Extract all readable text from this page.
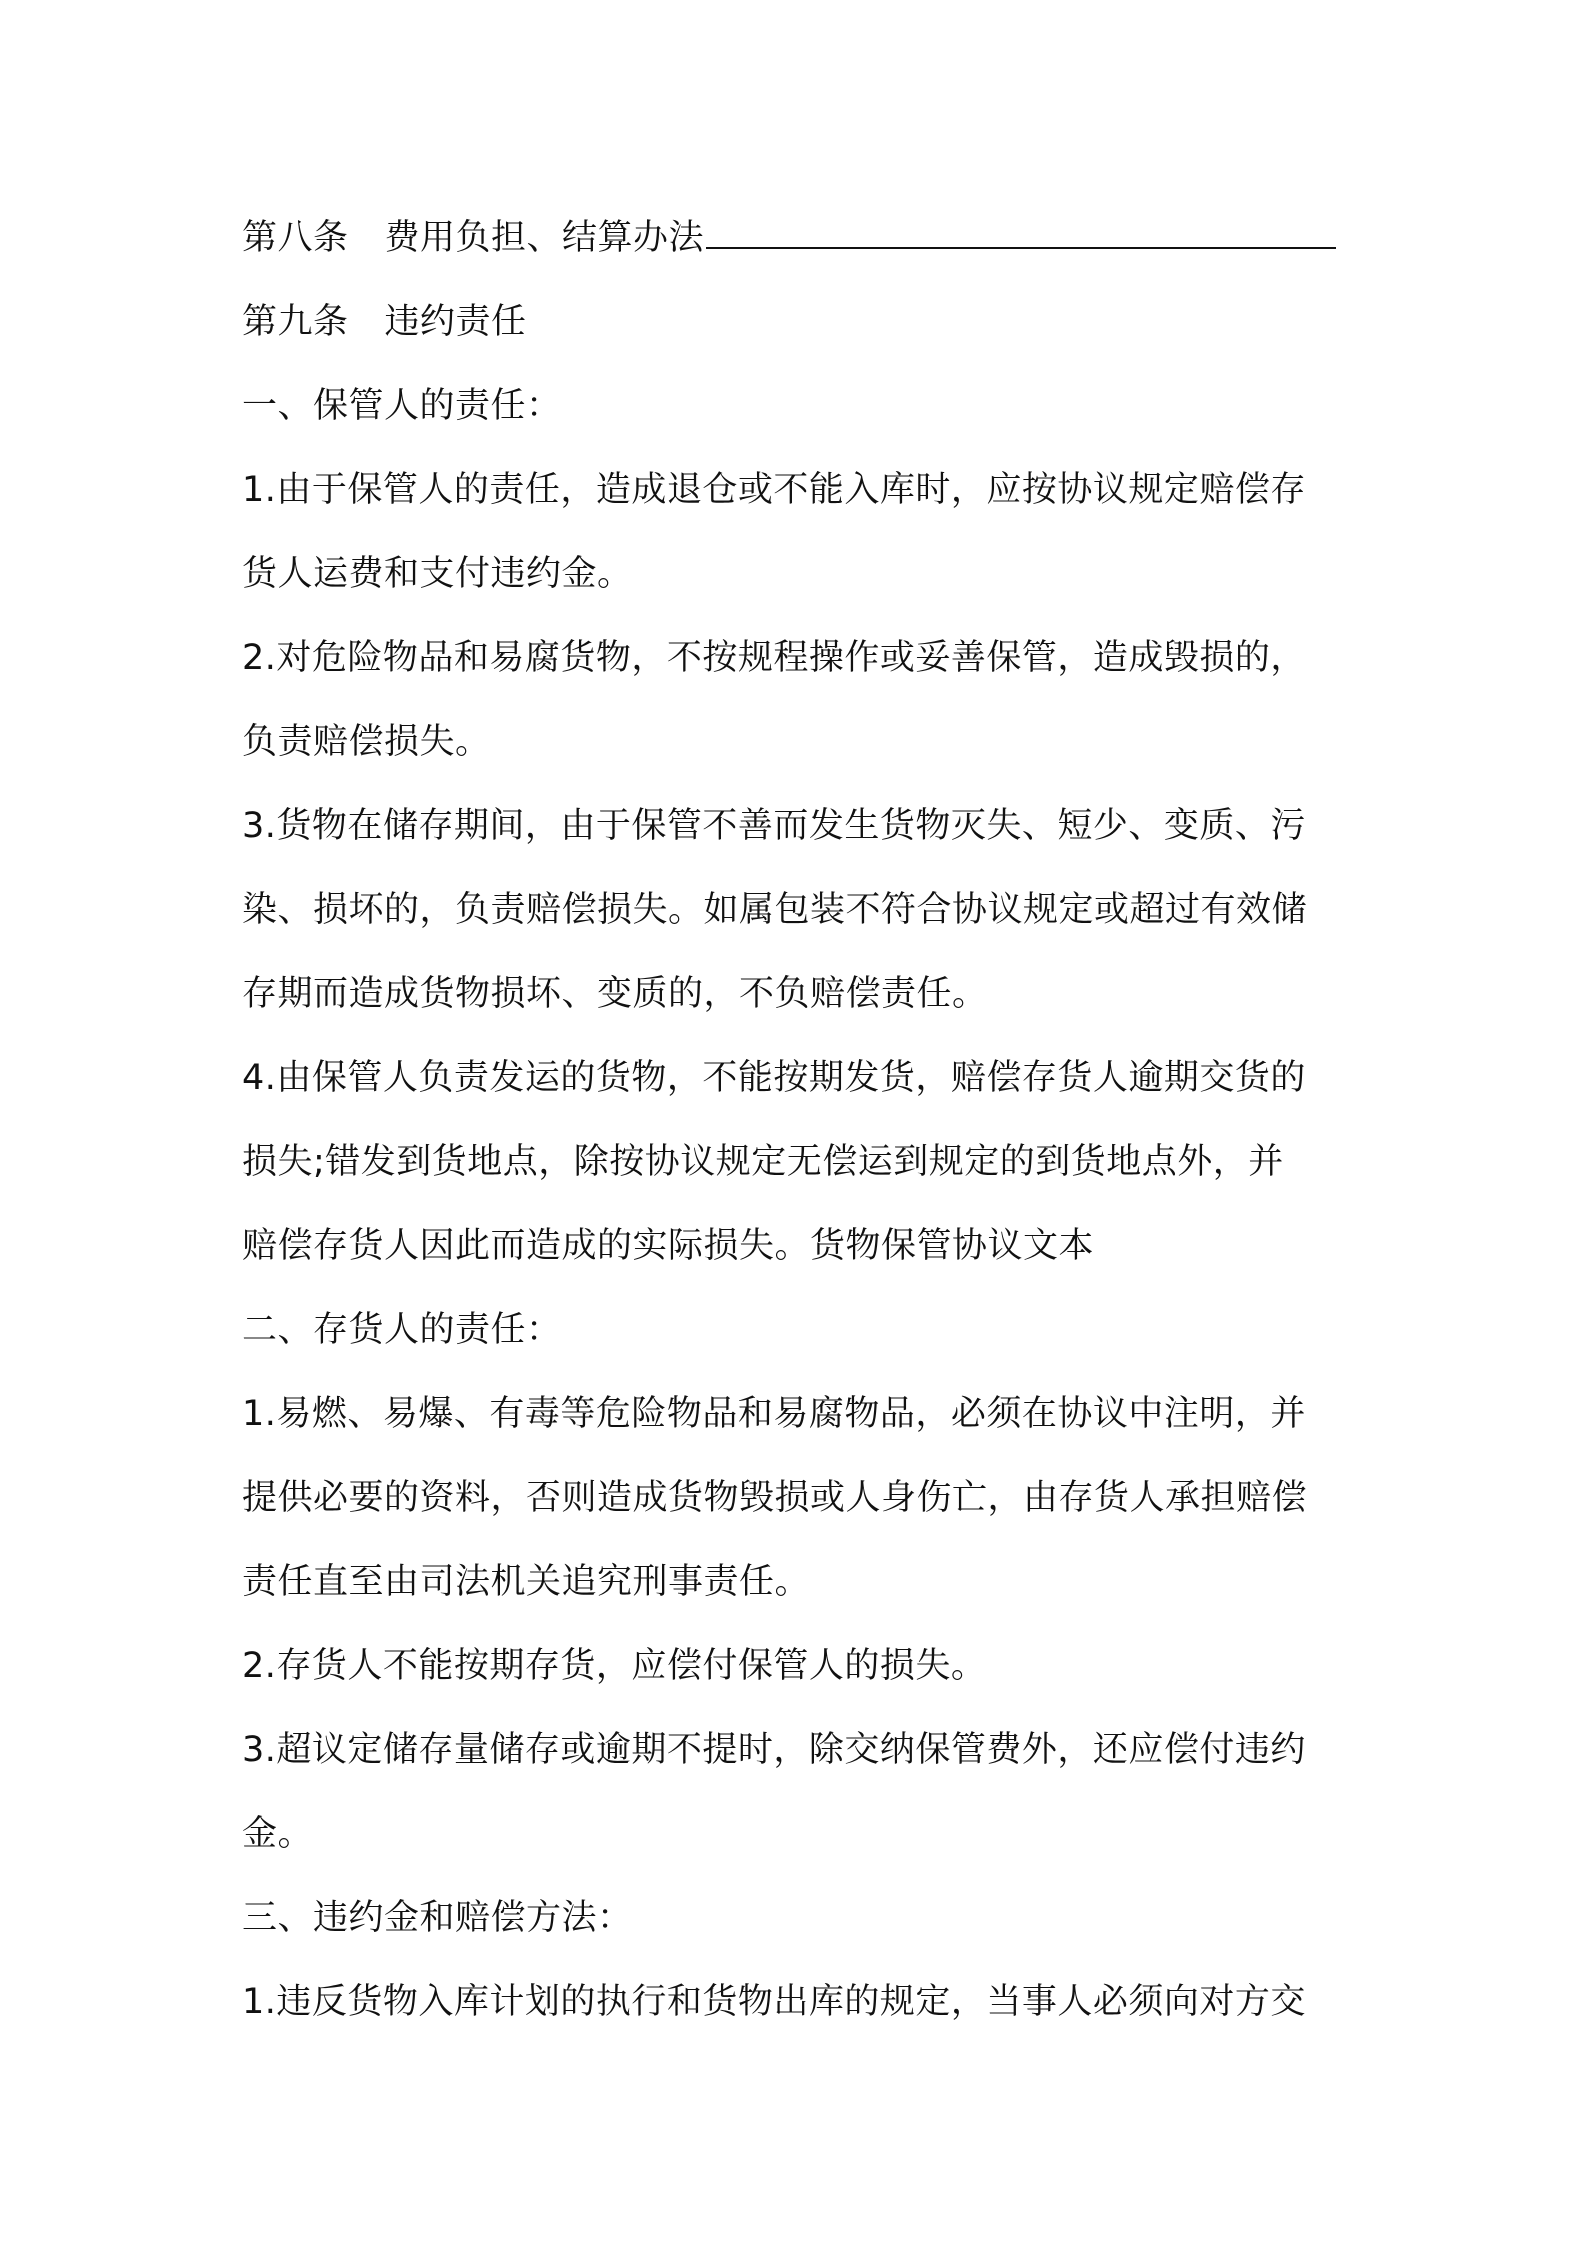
第八条 费用负担、结算办法
第九条 违约责任
一、保管人的责任：
1.由于保管人的责任，造成退仓或不能入库时，应按协议规定赔偿存
货人运费和支付违约金。
2.对危险物品和易腐货物，不按规程操作或妥善保管，造成毁损的，
负责赔偿损失。
3.货物在储存期间，由于保管不善而发生货物灭失、短少、变质、污
染、损坏的，负责赔偿损失。如属包装不符合协议规定或超过有效储
存期而造成货物损坏、变质的，不负赔偿责任。
4.由保管人负责发运的货物，不能按期发货，赔偿存货人逾期交货的
损失;错发到货地点，除按协议规定无偿运到规定的到货地点外，并
赔偿存货人因此而造成的实际损失。货物保管协议文本
二、存货人的责任：
1.易燃、易爆、有毒等危险物品和易腐物品，必须在协议中注明，并
提供必要的资料，否则造成货物毁损或人身伤亡，由存货人承担赔偿
责任直至由司法机关追究刑事责任。
2.存货人不能按期存货，应偿付保管人的损失。
3.超议定储存量储存或逾期不提时，除交纳保管费外，还应偿付违约
金。
三、违约金和赔偿方法：
1.违反货物入库计划的执行和货物出库的规定，当事人必须向对方交
